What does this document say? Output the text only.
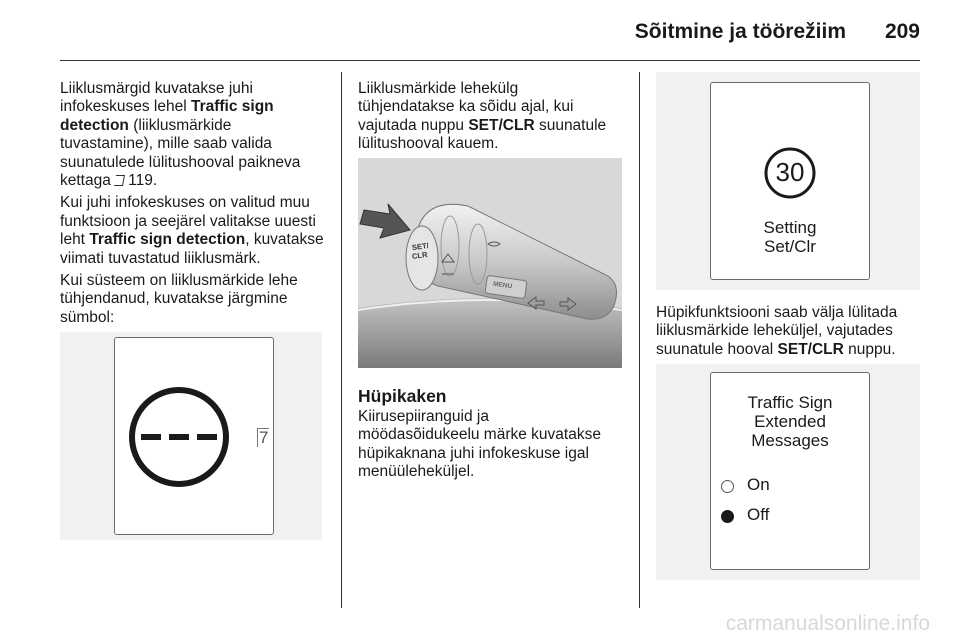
Sõitmine ja töörežiim 209

Liiklusmärgid kuvatakse juhi
infokeskuses lehel Traffic sign
detection (liiklusmärkide
tuvastamine), mille saab valida
suunatulede lülitushooval paikneva
kettaga 119.

Kui juhi infokeskuses on valitud muu
funktsioon ja seejärel valitakse uuesti
leht Traffic sign detection, kuvatakse
viimati tuvastatud liiklusmärk.

Kui süsteem on liiklusmärkide lehe
tühjendanud, kuvatakse järgmine
sümbol:

7

Liiklusmärkide lehekülg
tühjendatakse ka sõidu ajal, kui
vajutada nuppu SET/CLR suunatule
lülitushooval kauem.

SET/
CLR
MENU
Hüpikaken

Kiirusepiiranguid ja
möödasõidukeelu märke kuvatakse
hüpikaknana juhi infokeskuse igal
menüüleheküljel.

30
Setting
Set/Clr

Hüpikfunktsiooni saab välja lülitada
liiklusmärkide leheküljel, vajutades
suunatule hooval SET/CLR nuppu.

Traffic Sign
Extended
Messages
On
Off
carmanualsonline.info
